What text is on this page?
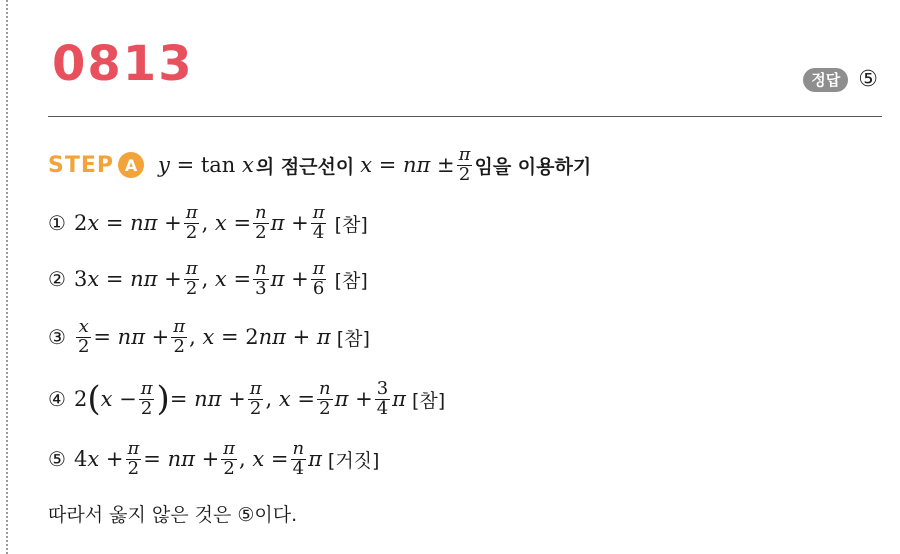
0813	정답 ⑤
STEP A y = tan x 의 점근선이 $x = n\pi \pm \frac{\pi}{2}$ 임을 이용하기
① $2x = n\pi + \frac{\pi}{2}$ , $x = \frac{n}{2}$ $\pi + \frac{\pi}{4}$ [참]
② $3x = n\pi + \frac{\pi}{2}$ , $x = \frac{n}{3}$ $\pi + \frac{\pi}{6}$ [참]
③ $\frac{x}{2} = n\pi + \frac{\pi}{2}$ , x = 2nπ + π [참]
④ 2 ( $x - \frac{\pi}{2}$ ) = $n\pi + \frac{\pi}{2}$ , $x = \frac{n}{2}$ $\pi + \frac{3}{4}$ π [참]
⑤ $4x + \frac{\pi}{2} = n\pi + \frac{\pi}{2}$ , $x = \frac{n}{4}$ π [거짓]
따라서 옳지 않은 것은 ⑤이다.
